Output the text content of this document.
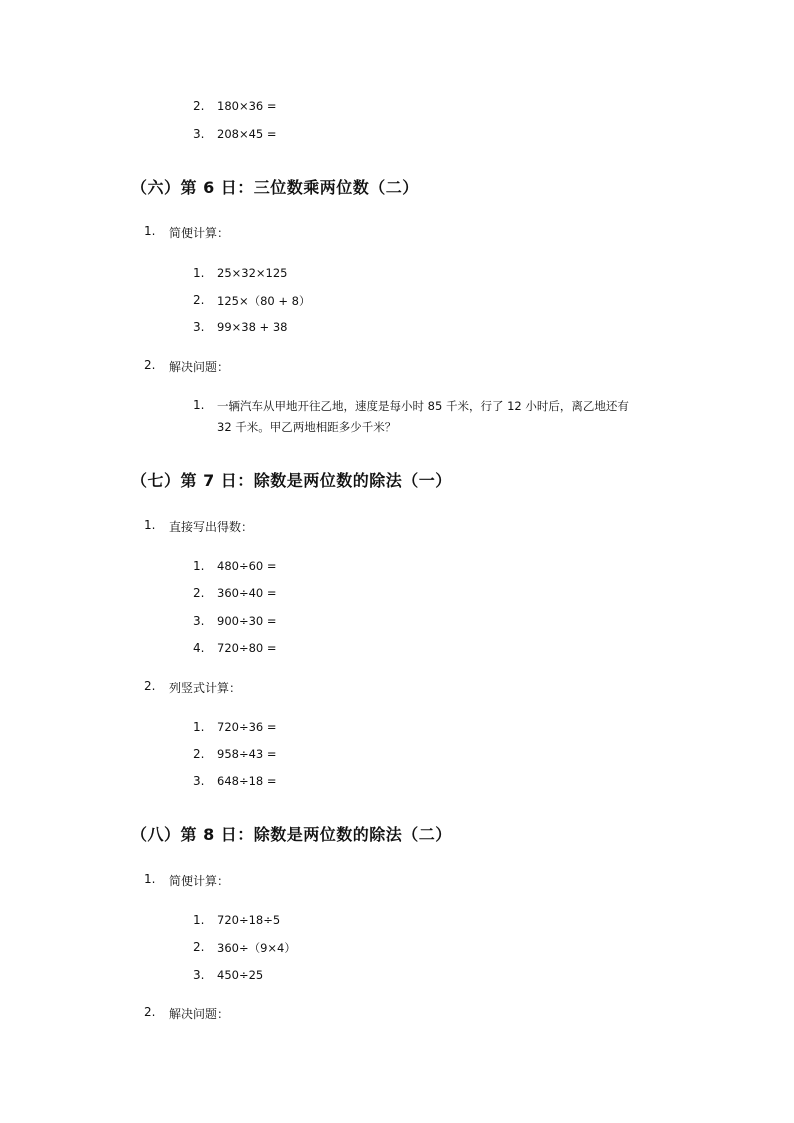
2. 180×36 =
3. 208×45 =
（六）第 6 日：三位数乘两位数（二）
1. 简便计算：
1. 25×32×125
2. 125×（80 + 8）
3. 99×38 + 38
2. 解决问题：
1. 一辆汽车从甲地开往乙地，速度是每小时 85 千米，行了 12 小时后，离乙地还有
32 千米。甲乙两地相距多少千米？
（七）第 7 日：除数是两位数的除法（一）
1. 直接写出得数：
1. 480÷60 =
2. 360÷40 =
3. 900÷30 =
4. 720÷80 =
2. 列竖式计算：
1. 720÷36 =
2. 958÷43 =
3. 648÷18 =
（八）第 8 日：除数是两位数的除法（二）
1. 简便计算：
1. 720÷18÷5
2. 360÷（9×4）
3. 450÷25
2. 解决问题：
